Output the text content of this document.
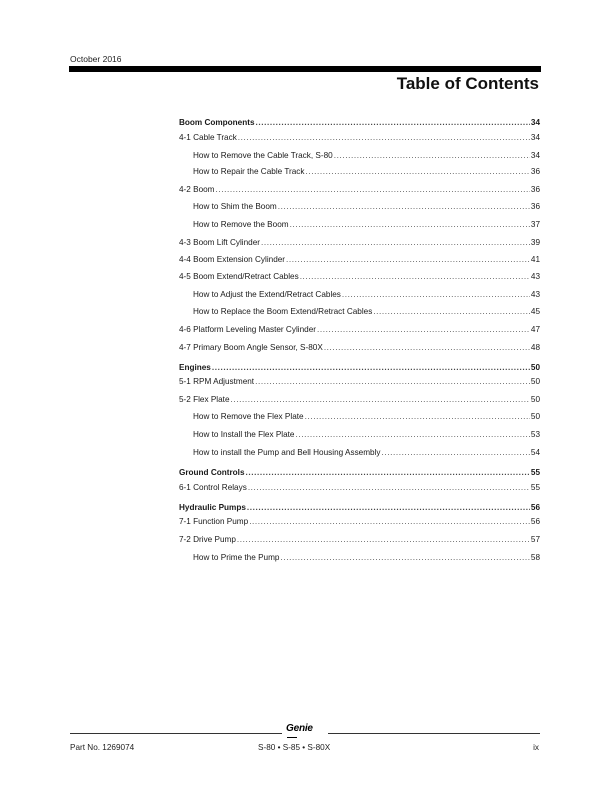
October 2016
Table of Contents
Boom Components .....	34
4-1 Cable Track .....	34
How to Remove the Cable Track, S-80 .....	34
How to Repair the Cable Track .....	36
4-2 Boom .....	36
How to Shim the Boom .....	36
How to Remove the Boom .....	37
4-3 Boom Lift Cylinder .....	39
4-4 Boom Extension Cylinder .....	41
4-5 Boom Extend/Retract Cables .....	43
How to Adjust the Extend/Retract Cables .....	43
How to Replace the Boom Extend/Retract Cables .....	45
4-6 Platform Leveling Master Cylinder .....	47
4-7 Primary Boom Angle Sensor, S-80X .....	48
Engines .....	50
5-1 RPM Adjustment .....	50
5-2 Flex Plate .....	50
How to Remove the Flex Plate .....	50
How to Install the Flex Plate .....	53
How to install the Pump and Bell Housing Assembly .....	54
Ground Controls .....	55
6-1 Control Relays .....	55
Hydraulic Pumps .....	56
7-1 Function Pump .....	56
7-2 Drive Pump .....	57
How to Prime the Pump .....	58
Genie
Part No. 1269074	S-80 • S-85 • S-80X	ix
